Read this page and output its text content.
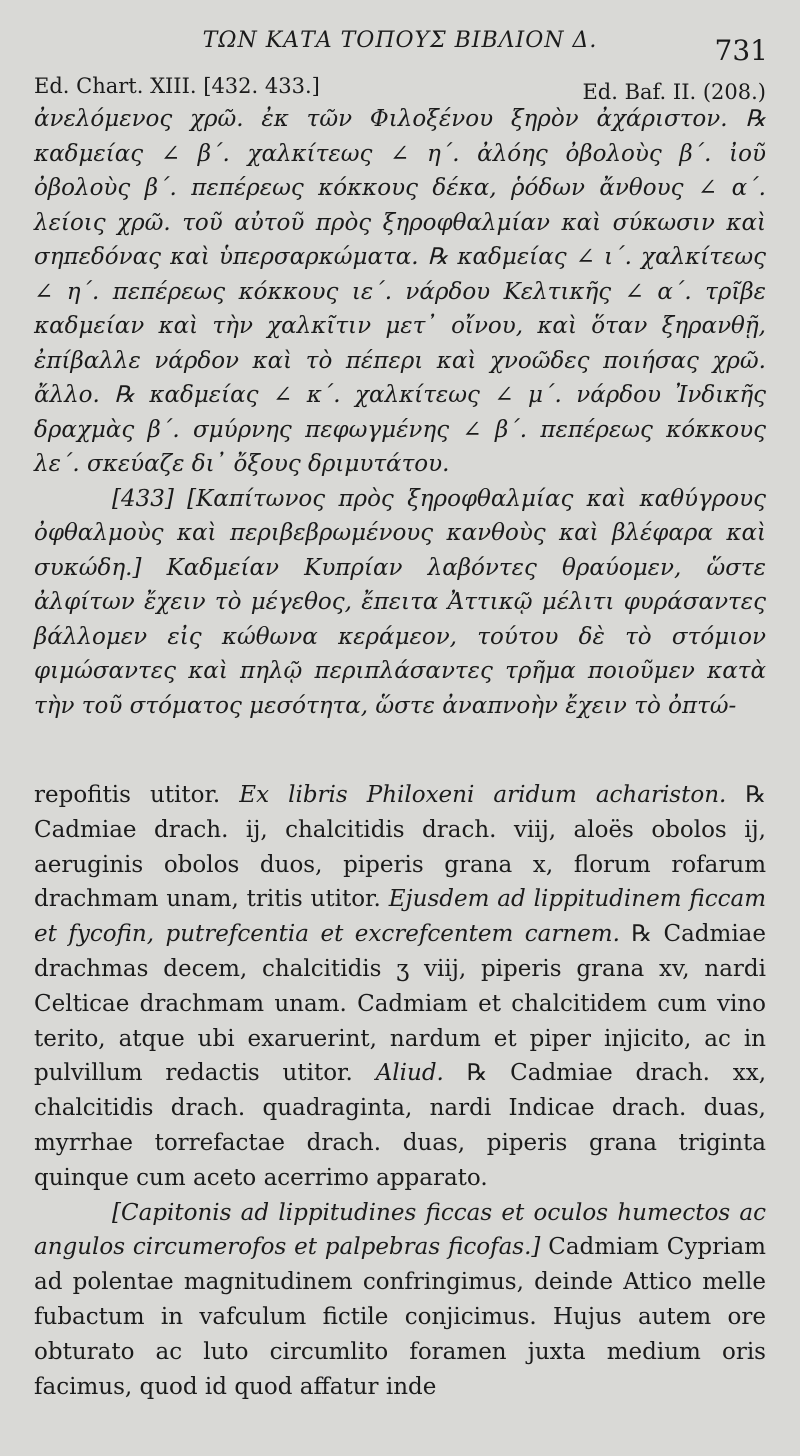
ΤΩΝ ΚΑΤΑ ΤΟΠΟΥΣ ΒΙΒΛΙΟΝ Δ.	731
Ed. Chart. XIII. [432. 433.]	Ed. Baf. II. (208.)

ἀνελόμενος χρῶ. ἐκ τῶν Φιλοξένου ξηρὸν ἀχάριστον. ℞ καδμείας ∠ β΄. χαλκίτεως ∠ η΄. ἀλόης ὀβολοὺς β΄. ἰοῦ ὀβολοὺς β΄. πεπέρεως κόκκους δέκα, ῥόδων ἄνθους ∠ α΄. λείοις χρῶ. τοῦ αὐτοῦ πρὸς ξηροφθαλμίαν καὶ σύκωσιν καὶ σηπεδόνας καὶ ὑπερσαρκώματα. ℞ καδμείας ∠ ι΄. χαλκίτεως ∠ η΄. πεπέρεως κόκκους ιε΄. νάρδου Κελτικῆς ∠ α΄. τρῖβε καδμείαν καὶ τὴν χαλκῖτιν μετ᾽ οἴνου, καὶ ὅταν ξηρανθῇ, ἐπίβαλλε νάρδον καὶ τὸ πέπερι καὶ χνοῶδες ποιήσας χρῶ. ἄλλο. ℞ καδμείας ∠ κ΄. χαλκίτεως ∠ μ΄. νάρδου Ἰνδικῆς δραχμὰς β΄. σμύρνης πεφωγμένης ∠ β΄. πεπέρεως κόκκους λε΄. σκεύαζε δι᾽ ὄξους δριμυτάτου.

[433] [Καπίτωνος πρὸς ξηροφθαλμίας καὶ καθύγρους ὀφθαλμοὺς καὶ περιβεβρωμένους κανθοὺς καὶ βλέφαρα καὶ συκώδη.] Καδμείαν Κυπρίαν λαβόντες θραύομεν, ὥστε ἀλφίτων ἔχειν τὸ μέγεθος, ἔπειτα Ἀττικῷ μέλιτι φυράσαντες βάλλομεν εἰς κώθωνα κεράμεον, τούτου δὲ τὸ στόμιον φιμώσαντες καὶ πηλῷ περιπλάσαντες τρῆμα ποιοῦμεν κατὰ τὴν τοῦ στόματος μεσότητα, ὥστε ἀναπνοὴν ἔχειν τὸ ὀπτώ-

repofitis utitor. Ex libris Philoxeni aridum achariston. ℞ Cadmiae drach. ij, chalcitidis drach. viij, aloës obolos ij, aeruginis obolos duos, piperis grana x, florum rofarum drachmam unam, tritis utitor. Ejusdem ad lippitudinem ficcam et fycofin, putrefcentia et excrefcentem carnem. ℞ Cadmiae drachmas decem, chalcitidis ʒ viij, piperis grana xv, nardi Celticae drachmam unam. Cadmiam et chalcitidem cum vino terito, atque ubi exaruerint, nardum et piper injicito, ac in pulvillum redactis utitor. Aliud. ℞ Cadmiae drach. xx, chalcitidis drach. quadraginta, nardi Indicae drach. duas, myrrhae torrefactae drach. duas, piperis grana triginta quinque cum aceto acerrimo apparato.

[Capitonis ad lippitudines ficcas et oculos humectos ac angulos circumerofos et palpebras ficofas.] Cadmiam Cypriam ad polentae magnitudinem confringimus, deinde Attico melle fubactum in vafculum fictile conjicimus. Hujus autem ore obturato ac luto circumlito foramen juxta medium oris facimus, quod id quod affatur inde
